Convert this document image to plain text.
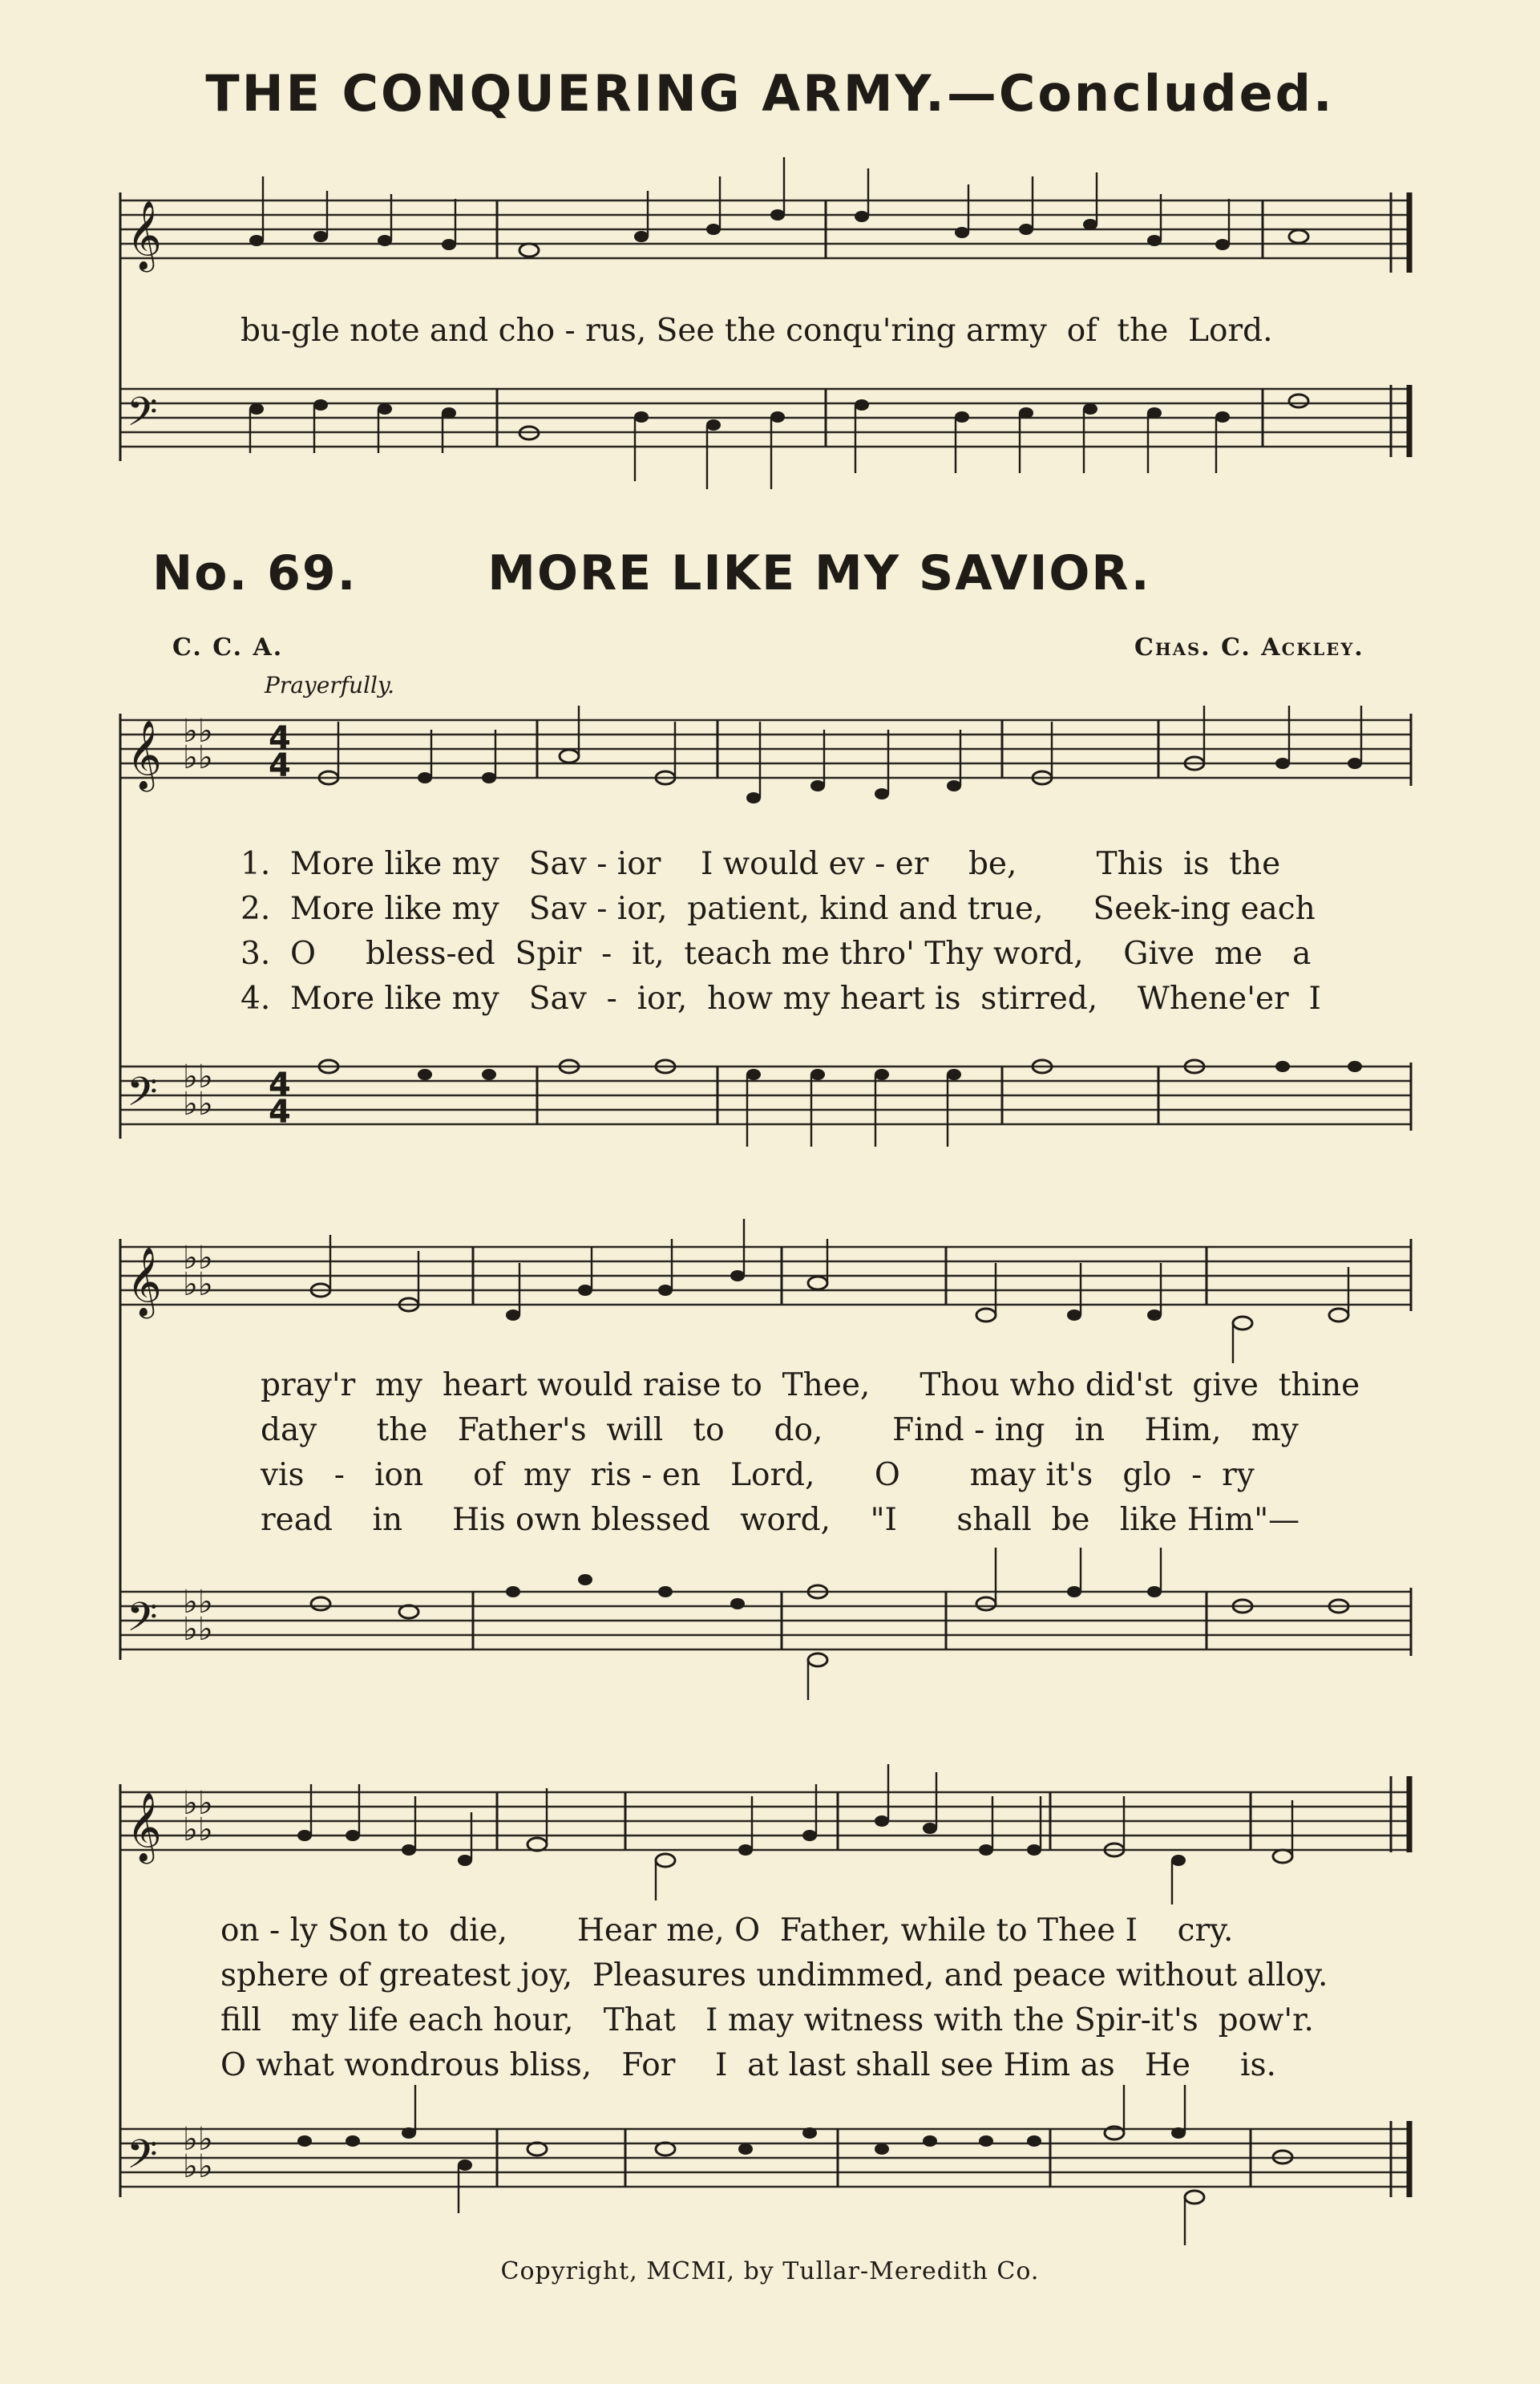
𝄞
𝄢
𝄞
𝄢
♭♭
♭♭
♭♭
♭♭
4
4
4
4
𝄞
𝄢
♭♭
♭♭
♭♭
♭♭
𝄞
𝄢
♭♭
♭♭
♭♭
♭♭
THE CONQUERING ARMY.—Concluded.
bu-gle note and cho - rus, See the conqu'ring army  of  the  Lord.
No. 69.	MORE LIKE MY SAVIOR.
C. C. A.	Chas. C. Ackley.
Prayerfully.
1.  More like my   Sav - ior    I would ev - er    be,        This  is  the
2.  More like my   Sav - ior,  patient, kind and true,     Seek-ing each
3.  O     bless-ed  Spir  -  it,  teach me thro' Thy word,    Give  me   a
4.  More like my   Sav  -  ior,  how my heart is  stirred,    Whene'er  I
pray'r  my  heart would raise to  Thee,     Thou who did'st  give  thine
day      the   Father's  will   to     do,       Find - ing   in    Him,   my
vis   -   ion     of  my  ris - en   Lord,      O       may it's   glo  -  ry
read    in     His own blessed   word,    "I      shall  be   like Him"—
on - ly Son to  die,       Hear me, O  Father, while to Thee I    cry.
sphere of greatest joy,  Pleasures undimmed, and peace without alloy.
fill   my life each hour,   That   I may witness with the Spir-it's  pow'r.
O what wondrous bliss,   For    I  at last shall see Him as   He     is.
Copyright, MCMI, by Tullar-Meredith Co.
